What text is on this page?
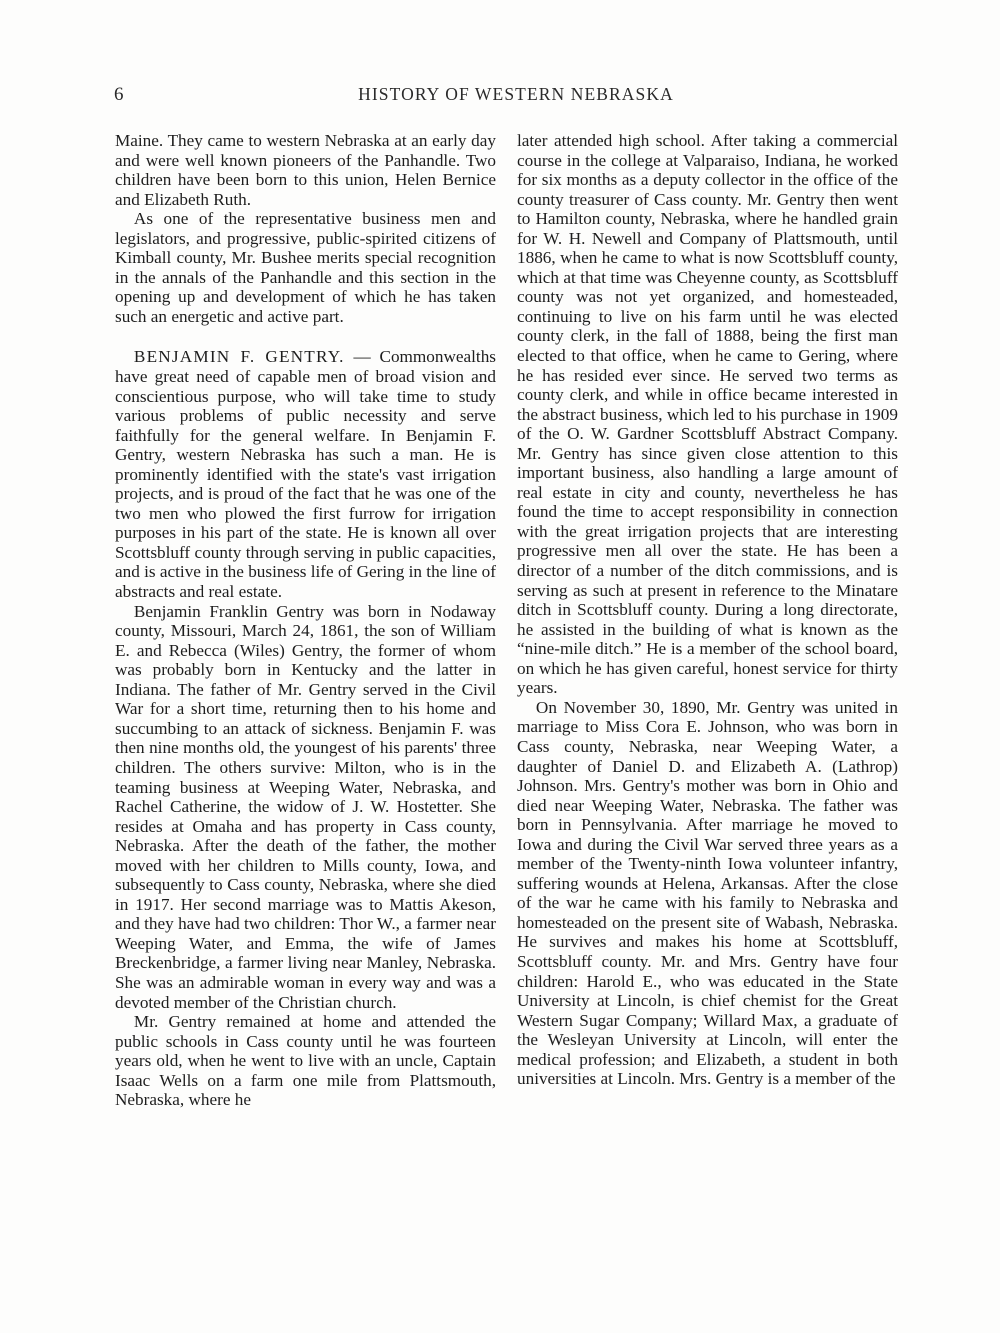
6	HISTORY OF WESTERN NEBRASKA

Maine. They came to western Nebraska at an early day and were well known pioneers of the Panhandle. Two children have been born to this union, Helen Bernice and Elizabeth Ruth.

As one of the representative business men and legislators, and progressive, public-spirited citizens of Kimball county, Mr. Bushee merits special recognition in the annals of the Panhandle and this section in the opening up and development of which he has taken such an energetic and active part.

BENJAMIN F. GENTRY. — Commonwealths have great need of capable men of broad vision and conscientious purpose, who will take time to study various problems of public necessity and serve faithfully for the general welfare. In Benjamin F. Gentry, western Nebraska has such a man. He is prominently identified with the state's vast irrigation projects, and is proud of the fact that he was one of the two men who plowed the first furrow for irrigation purposes in his part of the state. He is known all over Scottsbluff county through serving in public capacities, and is active in the business life of Gering in the line of abstracts and real estate.

Benjamin Franklin Gentry was born in Nodaway county, Missouri, March 24, 1861, the son of William E. and Rebecca (Wiles) Gentry, the former of whom was probably born in Kentucky and the latter in Indiana. The father of Mr. Gentry served in the Civil War for a short time, returning then to his home and succumbing to an attack of sickness. Benjamin F. was then nine months old, the youngest of his parents' three children. The others survive: Milton, who is in the teaming business at Weeping Water, Nebraska, and Rachel Catherine, the widow of J. W. Hostetter. She resides at Omaha and has property in Cass county, Nebraska. After the death of the father, the mother moved with her children to Mills county, Iowa, and subsequently to Cass county, Nebraska, where she died in 1917. Her second marriage was to Mattis Akeson, and they have had two children: Thor W., a farmer near Weeping Water, and Emma, the wife of James Breckenbridge, a farmer living near Manley, Nebraska. She was an admirable woman in every way and was a devoted member of the Christian church.

Mr. Gentry remained at home and attended the public schools in Cass county until he was fourteen years old, when he went to live with an uncle, Captain Isaac Wells on a farm one mile from Plattsmouth, Nebraska, where he

later attended high school. After taking a commercial course in the college at Valparaiso, Indiana, he worked for six months as a deputy collector in the office of the county treasurer of Cass county. Mr. Gentry then went to Hamilton county, Nebraska, where he handled grain for W. H. Newell and Company of Plattsmouth, until 1886, when he came to what is now Scottsbluff county, which at that time was Cheyenne county, as Scottsbluff county was not yet organized, and homesteaded, continuing to live on his farm until he was elected county clerk, in the fall of 1888, being the first man elected to that office, when he came to Gering, where he has resided ever since. He served two terms as county clerk, and while in office became interested in the abstract business, which led to his purchase in 1909 of the O. W. Gardner Scottsbluff Abstract Company. Mr. Gentry has since given close attention to this important business, also handling a large amount of real estate in city and county, nevertheless he has found the time to accept responsibility in connection with the great irrigation projects that are interesting progressive men all over the state. He has been a director of a number of the ditch commissions, and is serving as such at present in reference to the Minatare ditch in Scottsbluff county. During a long directorate, he assisted in the building of what is known as the “nine-mile ditch.” He is a member of the school board, on which he has given careful, honest service for thirty years.

On November 30, 1890, Mr. Gentry was united in marriage to Miss Cora E. Johnson, who was born in Cass county, Nebraska, near Weeping Water, a daughter of Daniel D. and Elizabeth A. (Lathrop) Johnson. Mrs. Gentry's mother was born in Ohio and died near Weeping Water, Nebraska. The father was born in Pennsylvania. After marriage he moved to Iowa and during the Civil War served three years as a member of the Twenty-ninth Iowa volunteer infantry, suffering wounds at Helena, Arkansas. After the close of the war he came with his family to Nebraska and homesteaded on the present site of Wabash, Nebraska. He survives and makes his home at Scottsbluff, Scottsbluff county. Mr. and Mrs. Gentry have four children: Harold E., who was educated in the State University at Lincoln, is chief chemist for the Great Western Sugar Company; Willard Max, a graduate of the Wesleyan University at Lincoln, will enter the medical profession; and Elizabeth, a student in both universities at Lincoln. Mrs. Gentry is a member of the
